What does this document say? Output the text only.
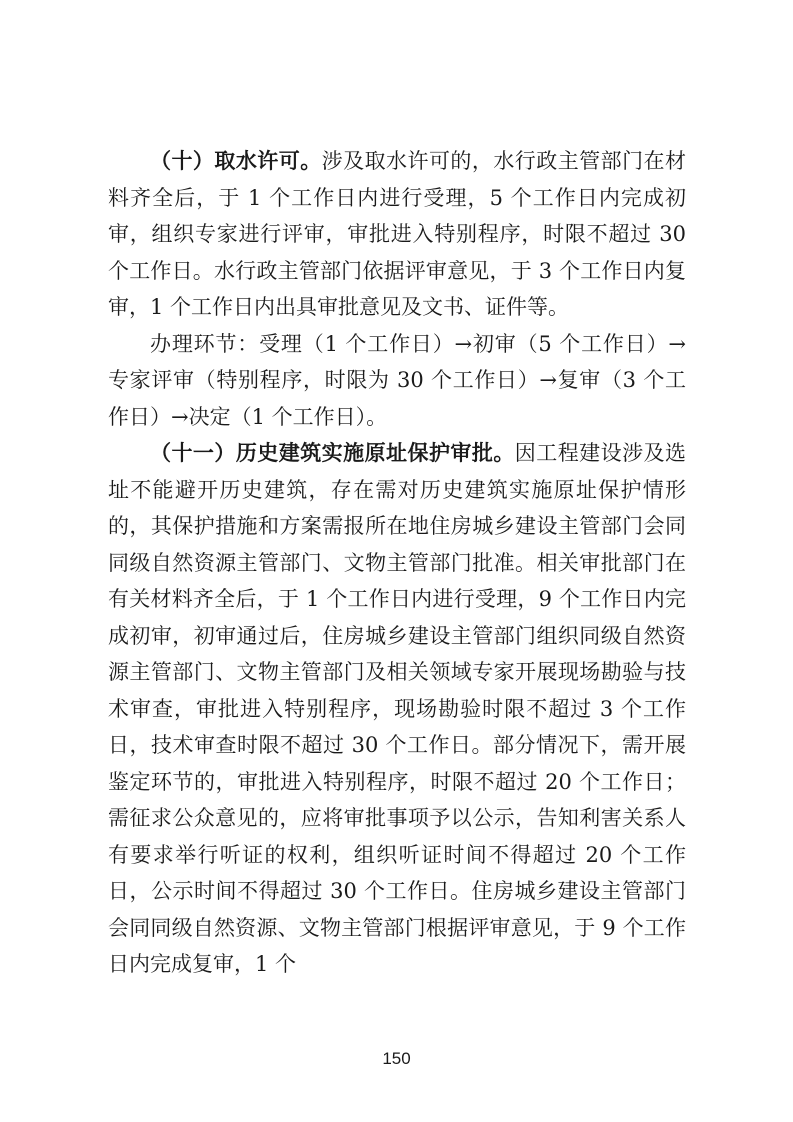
（十）取水许可。涉及取水许可的，水行政主管部门在材料齐全后，于 1 个工作日内进行受理，5 个工作日内完成初审，组织专家进行评审，审批进入特别程序，时限不超过 30 个工作日。水行政主管部门依据评审意见，于 3 个工作日内复审，1 个工作日内出具审批意见及文书、证件等。

办理环节：受理（1 个工作日）→初审（5 个工作日）→专家评审（特别程序，时限为 30 个工作日）→复审（3 个工作日）→决定（1 个工作日）。

（十一）历史建筑实施原址保护审批。因工程建设涉及选址不能避开历史建筑，存在需对历史建筑实施原址保护情形的，其保护措施和方案需报所在地住房城乡建设主管部门会同同级自然资源主管部门、文物主管部门批准。相关审批部门在有关材料齐全后，于 1 个工作日内进行受理，9 个工作日内完成初审，初审通过后，住房城乡建设主管部门组织同级自然资源主管部门、文物主管部门及相关领域专家开展现场勘验与技术审查，审批进入特别程序，现场勘验时限不超过 3 个工作日，技术审查时限不超过 30 个工作日。部分情况下，需开展鉴定环节的，审批进入特别程序，时限不超过 20 个工作日；需征求公众意见的，应将审批事项予以公示，告知利害关系人有要求举行听证的权利，组织听证时间不得超过 20 个工作日，公示时间不得超过 30 个工作日。住房城乡建设主管部门会同同级自然资源、文物主管部门根据评审意见，于 9 个工作日内完成复审，1 个

150
